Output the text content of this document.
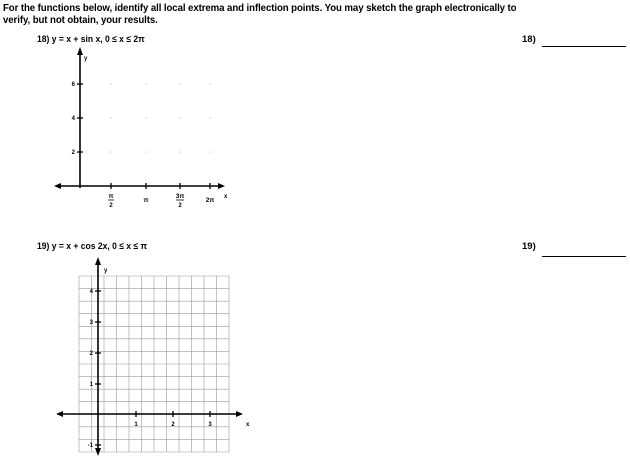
For the functions below, identify all local extrema and inflection points. You may sketch the graph electronically to
verify, but not obtain, your results.
18) y = x + sin x, 0 ≤ x ≤ 2π	18)
y
x
6
4
2
π
2
π
3π
2
2π
y
x
4
3
2
1
-1
1	2	3
19) y = x + cos 2x, 0 ≤ x ≤ π	19)
